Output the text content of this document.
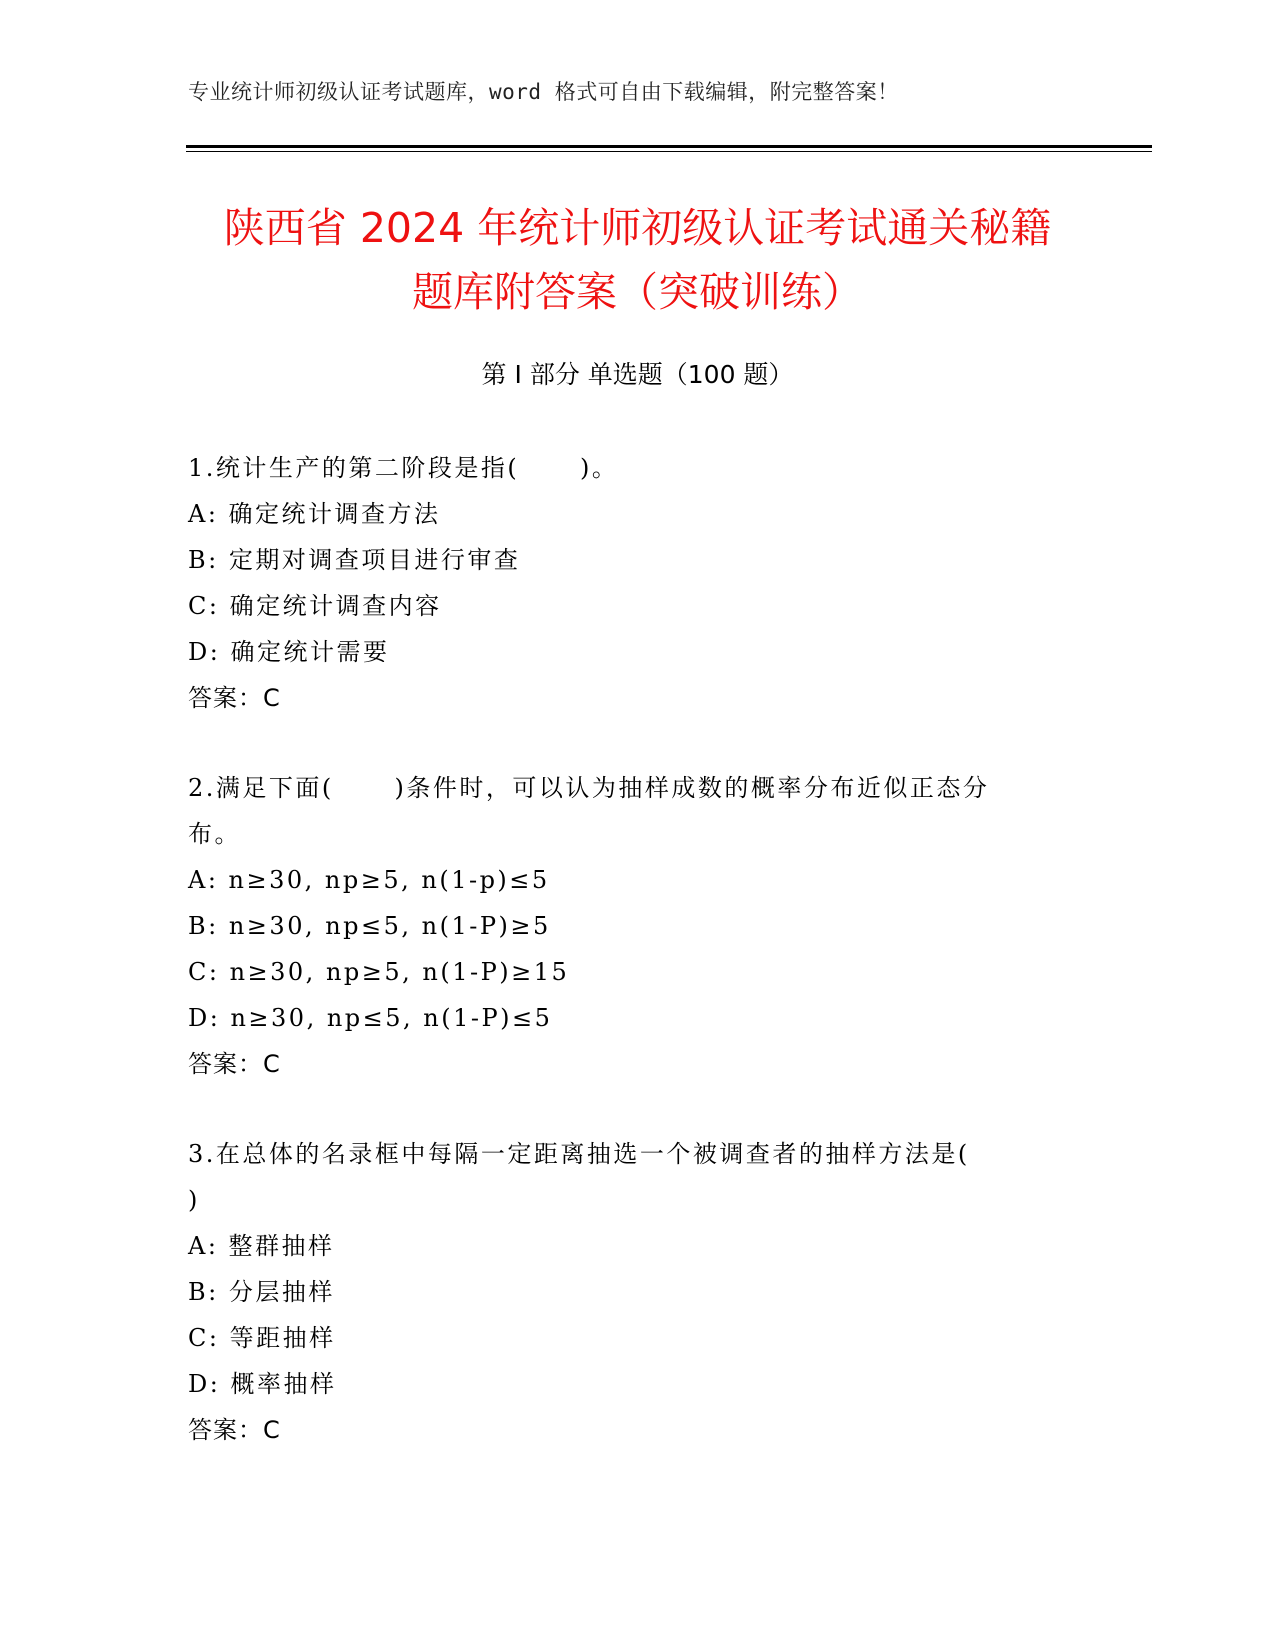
专业统计师初级认证考试题库，word 格式可自由下载编辑，附完整答案！
陕西省 2024 年统计师初级认证考试通关秘籍
题库附答案（突破训练）
第 I 部分 单选题（100 题）
1.统计生产的第二阶段是指(      )。
A: 确定统计调查方法
B: 定期对调查项目进行审查
C: 确定统计调查内容
D: 确定统计需要
答案：C
2.满足下面(      )条件时，可以认为抽样成数的概率分布近似正态分
布。
A: n≥30, np≥5, n(1-p)≤5
B: n≥30, np≤5, n(1-P)≥5
C: n≥30, np≥5, n(1-P)≥15
D: n≥30, np≤5, n(1-P)≤5
答案：C
3.在总体的名录框中每隔一定距离抽选一个被调查者的抽样方法是(
)
A: 整群抽样
B: 分层抽样
C: 等距抽样
D: 概率抽样
答案：C
